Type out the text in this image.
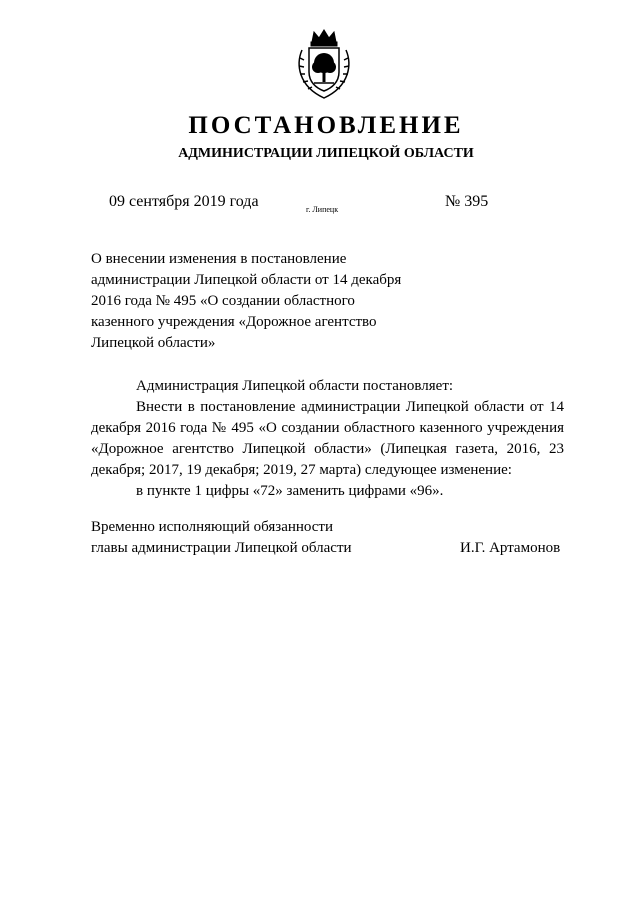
ПОСТАНОВЛЕНИЕ
АДМИНИСТРАЦИИ ЛИПЕЦКОЙ ОБЛАСТИ
09 сентября 2019 года	г. Липецк	№ 395
О внесении изменения в постановление
администрации Липецкой области от 14 декабря
2016 года № 495 «О создании областного
казенного учреждения «Дорожное агентство
Липецкой области»

Администрация Липецкой области постановляет:

Внести в постановление администрации Липецкой области от 14 декабря 2016 года № 495 «О создании областного казенного учреждения «Дорожное агентство Липецкой области» (Липецкая газета, 2016, 23 декабря; 2017, 19 декабря; 2019, 27 марта) следующее изменение:

в пункте 1 цифры «72» заменить цифрами «96».

Временно исполняющий обязанности
главы администрации Липецкой области	И.Г. Артамонов
